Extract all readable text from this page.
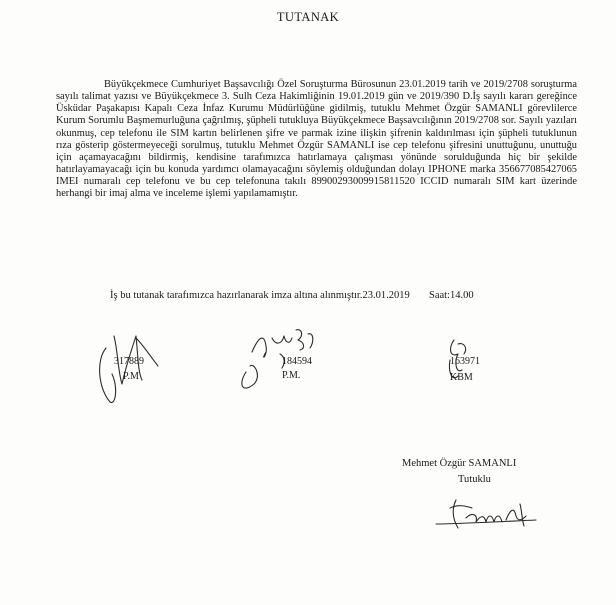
TUTANAK

Büyükçekmece Cumhuriyet Başsavcılığı Özel Soruşturma Bürosunun 23.01.2019 tarih ve 2019/2708 soruşturma sayılı talimat yazısı ve Büyükçekmece 3. Sulh Ceza Hakimliğinin 19.01.2019 gün ve 2019/390 D.İş sayılı kararı gereğince Üsküdar Paşakapısı Kapalı Ceza İnfaz Kurumu Müdürlüğüne gidilmiş, tutuklu Mehmet Özgür SAMANLI görevlilerce Kurum Sorumlu Başmemurluğuna çağrılmış, şüpheli tutukluya Büyükçekmece Başsavcılığının 2019/2708 sor. Sayılı yazıları okunmuş, cep telefonu ile SIM kartın belirlenen şifre ve parmak izine ilişkin şifrenin kaldırılması için şüpheli tutuklunun rıza gösterip göstermeyeceği sorulmuş, tutuklu Mehmet Özgür SAMANLI ise cep telefonu şifresini unuttuğunu, unuttuğu için açamayacağını bildirmiş, kendisine tarafımızca hatırlamaya çalışması yönünde sorulduğunda hiç bir şekilde hatırlayamayacağı için bu konuda yardımcı olamayacağını söylemiş olduğundan dolayı IPHONE marka 356677085427065 IMEI numaralı cep telefonu ve bu cep telefonuna takılı 89900293009915811520 ICCID numaralı SIM kart üzerinde herhangi bir imaj alma ve inceleme işlemi yapılamamıştır.

İş bu tutanak tarafımızca hazırlanarak imza altına alınmıştır.23.01.2019 Saat:14.00
317889
P.M
184594
P.M.
163971
KBM
Mehmet Özgür SAMANLI
Tutuklu
